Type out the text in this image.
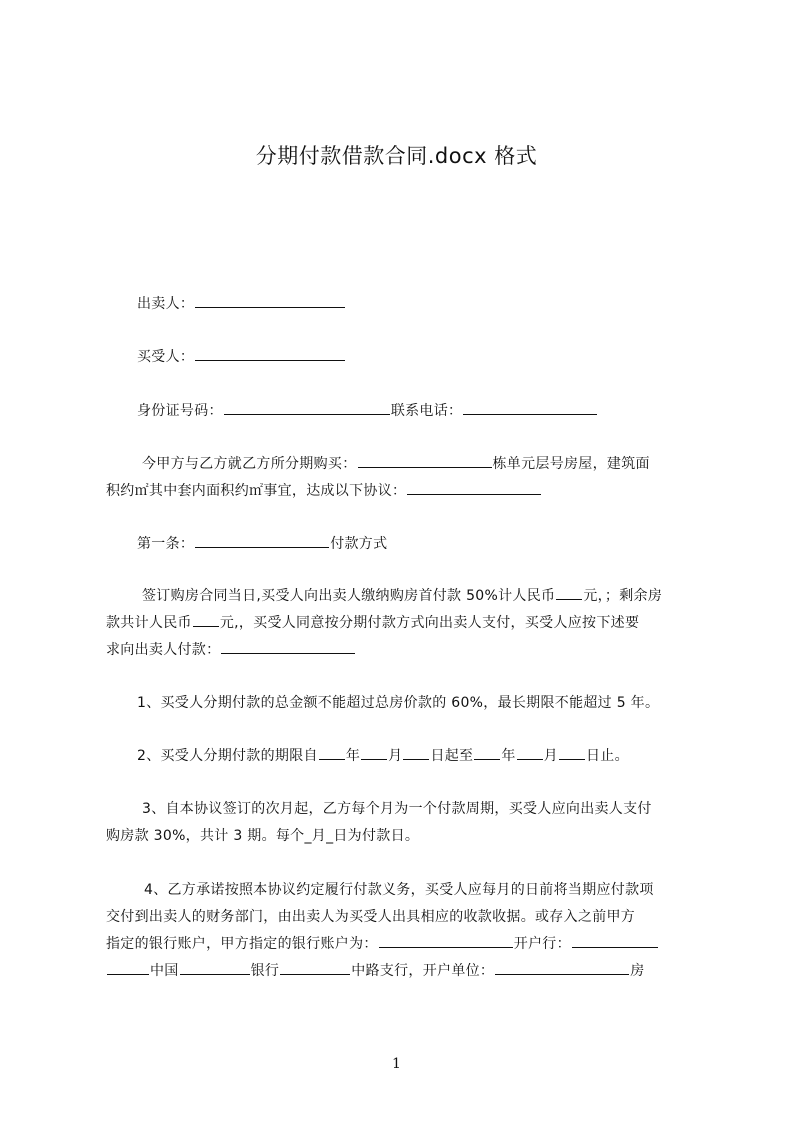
分期付款借款合同.docx 格式
出卖人：
买受人：
身份证号码：	联系电话：
今甲方与乙方就乙方所分期购买：	栋单元层号房屋，建筑面
积约㎡其中套内面积约㎡事宜，达成以下协议：
第一条：	付款方式
签订购房合同当日,买受人向出卖人缴纳购房首付款 50%计人民币 元，；剩余房
款共计人民币 元,，买受人同意按分期付款方式向出卖人支付，买受人应按下述要
求向出卖人付款：
1、买受人分期付款的总金额不能超过总房价款的 60%，最长期限不能超过 5 年。
2、买受人分期付款的期限自 年 月 日起至 年 月 日止。
3、自本协议签订的次月起，乙方每个月为一个付款周期，买受人应向出卖人支付
购房款 30%，共计 3 期。每个_月_日为付款日。
4、乙方承诺按照本协议约定履行付款义务，买受人应每月的日前将当期应付款项
交付到出卖人的财务部门，由出卖人为买受人出具相应的收款收据。或存入之前甲方
指定的银行账户，甲方指定的银行账户为：	开户行：
中国	银行	中路支行，开户单位：	房
1
